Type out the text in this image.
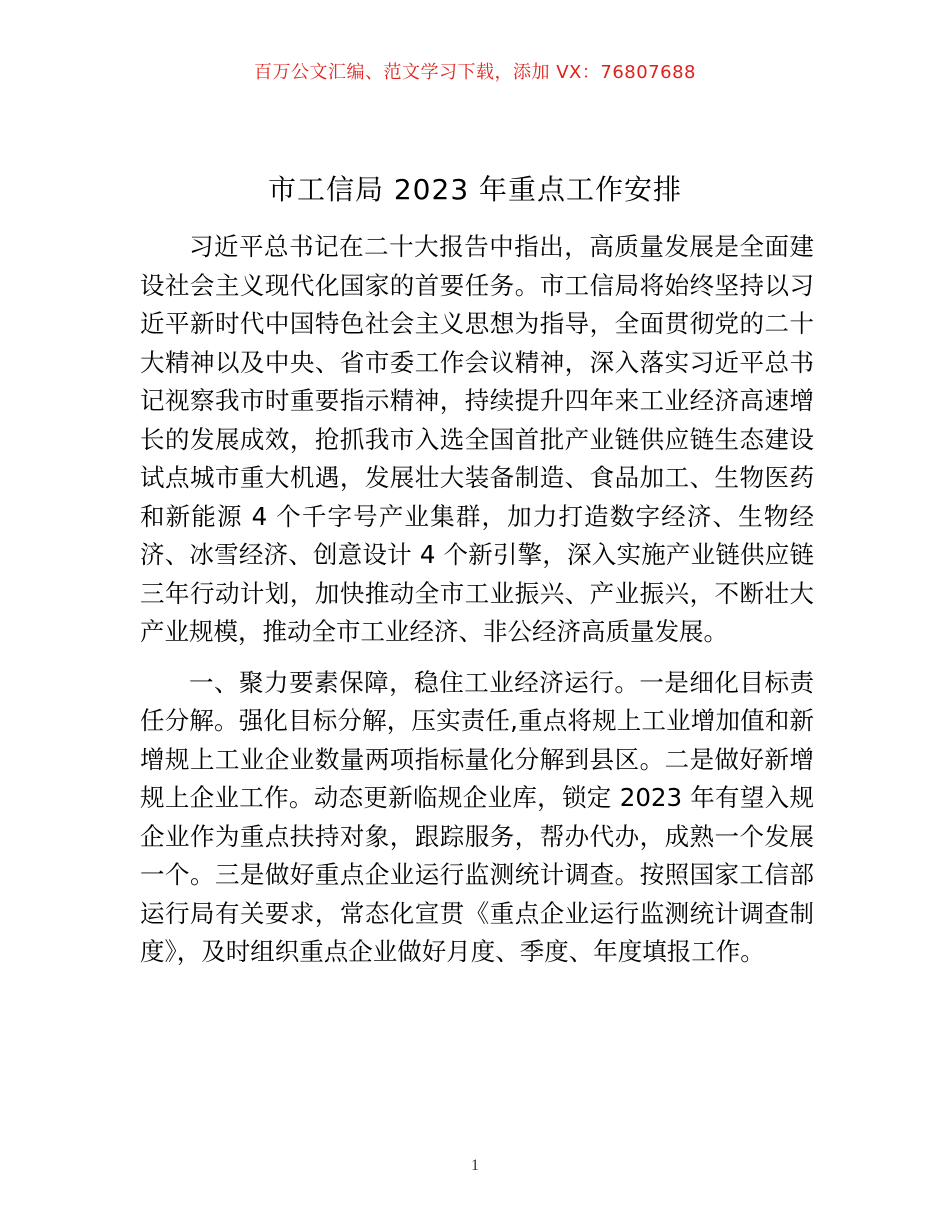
百万公文汇编、范文学习下载，添加 VX：76807688
市工信局 2023 年重点工作安排

习近平总书记在二十大报告中指出，高质量发展是全面建设社会主义现代化国家的首要任务。市工信局将始终坚持以习近平新时代中国特色社会主义思想为指导，全面贯彻党的二十大精神以及中央、省市委工作会议精神，深入落实习近平总书记视察我市时重要指示精神，持续提升四年来工业经济高速增长的发展成效，抢抓我市入选全国首批产业链供应链生态建设试点城市重大机遇，发展壮大装备制造、食品加工、生物医药和新能源 4 个千字号产业集群，加力打造数字经济、生物经济、冰雪经济、创意设计 4 个新引擎，深入实施产业链供应链三年行动计划，加快推动全市工业振兴、产业振兴，不断壮大产业规模，推动全市工业经济、非公经济高质量发展。

一、聚力要素保障，稳住工业经济运行。一是细化目标责任分解。强化目标分解，压实责任,重点将规上工业增加值和新增规上工业企业数量两项指标量化分解到县区。二是做好新增规上企业工作。动态更新临规企业库，锁定 2023 年有望入规企业作为重点扶持对象，跟踪服务，帮办代办，成熟一个发展一个。三是做好重点企业运行监测统计调查。按照国家工信部运行局有关要求，常态化宣贯《重点企业运行监测统计调查制度》，及时组织重点企业做好月度、季度、年度填报工作。

1
